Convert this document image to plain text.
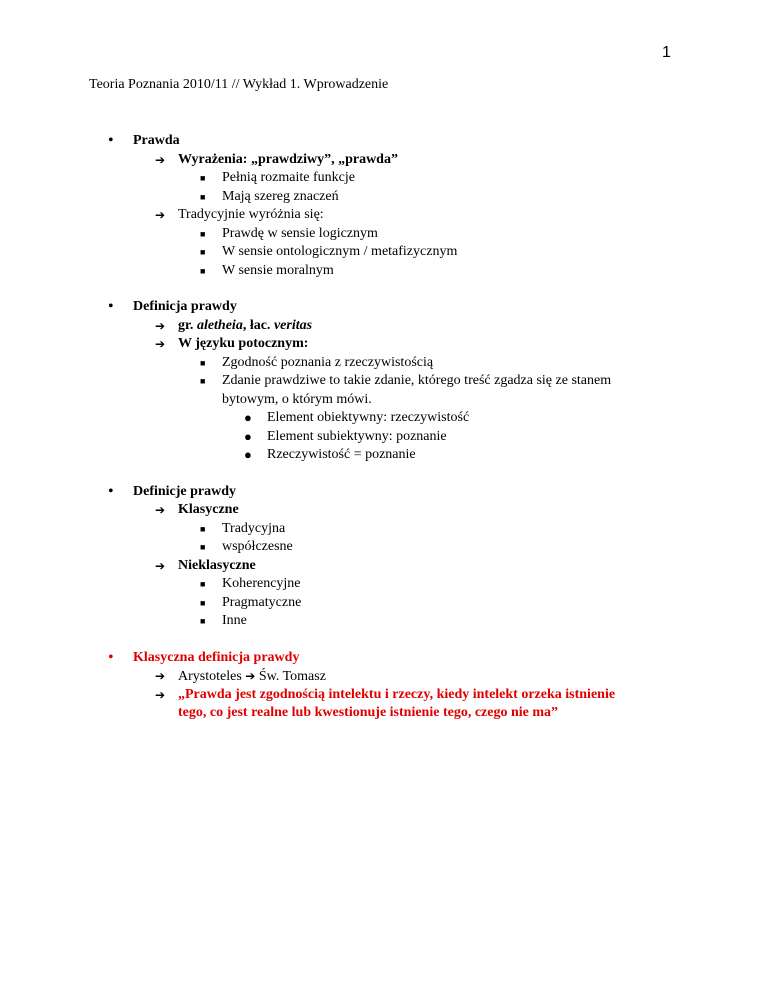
1
Teoria Poznania 2010/11 // Wykład 1. Wprowadzenie
• Prawda
➔ Wyrażenia: „prawdziwy”, „prawda”
■ Pełnią rozmaite funkcje
■ Mają szereg znaczeń
➔ Tradycyjnie wyróżnia się:
■ Prawdę w sensie logicznym
■ W sensie ontologicznym / metafizycznym
■ W sensie moralnym
• Definicja prawdy
➔ gr. aletheia, łac. veritas
➔ W języku potocznym:
■ Zgodność poznania z rzeczywistością
■ Zdanie prawdziwe to takie zdanie, którego treść zgadza się ze stanem
bytowym, o którym mówi.
● Element obiektywny: rzeczywistość
● Element subiektywny: poznanie
● Rzeczywistość = poznanie
• Definicje prawdy
➔ Klasyczne
■ Tradycyjna
■ współczesne
➔ Nieklasyczne
■ Koherencyjne
■ Pragmatyczne
■ Inne
• Klasyczna definicja prawdy
➔ Arystoteles ➔ Św. Tomasz
➔ „Prawda jest zgodnością intelektu i rzeczy, kiedy intelekt orzeka istnienie
tego, co jest realne lub kwestionuje istnienie tego, czego nie ma”
